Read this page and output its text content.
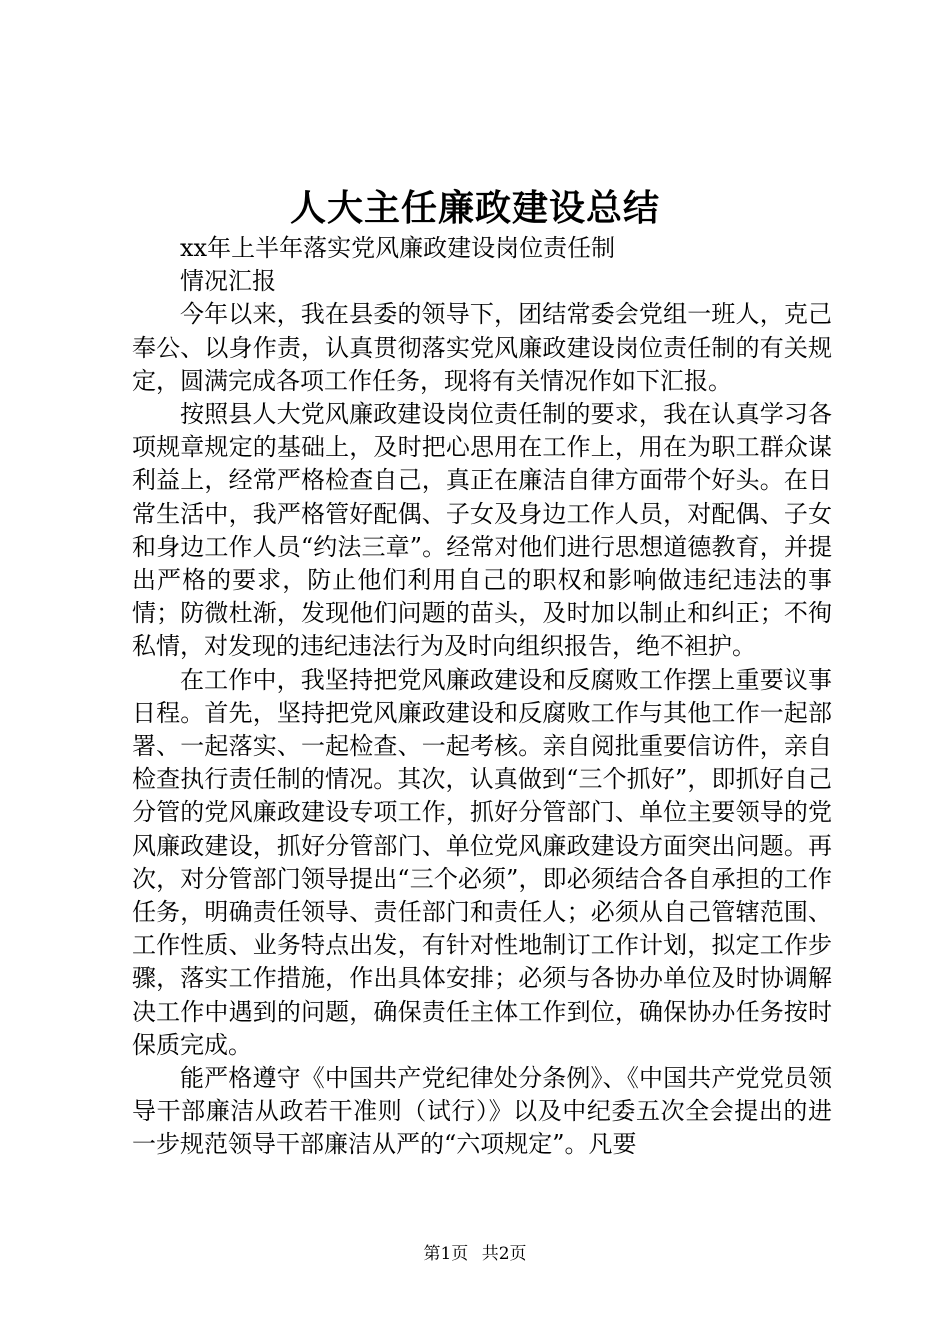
人大主任廉政建设总结

xx年上半年落实党风廉政建设岗位责任制

情况汇报

今年以来，我在县委的领导下，团结常委会党组一班人，克己奉公、以身作责，认真贯彻落实党风廉政建设岗位责任制的有关规定，圆满完成各项工作任务，现将有关情况作如下汇报。

按照县人大党风廉政建设岗位责任制的要求，我在认真学习各项规章规定的基础上，及时把心思用在工作上，用在为职工群众谋利益上，经常严格检查自己，真正在廉洁自律方面带个好头。在日常生活中，我严格管好配偶、子女及身边工作人员，对配偶、子女和身边工作人员“约法三章”。经常对他们进行思想道德教育，并提出严格的要求，防止他们利用自己的职权和影响做违纪违法的事情；防微杜渐，发现他们问题的苗头，及时加以制止和纠正；不徇私情，对发现的违纪违法行为及时向组织报告，绝不袒护。

在工作中，我坚持把党风廉政建设和反腐败工作摆上重要议事日程。首先，坚持把党风廉政建设和反腐败工作与其他工作一起部署、一起落实、一起检查、一起考核。亲自阅批重要信访件，亲自检查执行责任制的情况。其次，认真做到“三个抓好”，即抓好自己分管的党风廉政建设专项工作，抓好分管部门、单位主要领导的党风廉政建设，抓好分管部门、单位党风廉政建设方面突出问题。再次，对分管部门领导提出“三个必须”，即必须结合各自承担的工作任务，明确责任领导、责任部门和责任人；必须从自己管辖范围、工作性质、业务特点出发，有针对性地制订工作计划，拟定工作步骤，落实工作措施，作出具体安排；必须与各协办单位及时协调解决工作中遇到的问题，确保责任主体工作到位，确保协办任务按时保质完成。

能严格遵守《中国共产党纪律处分条例》、《中国共产党党员领导干部廉洁从政若干准则（试行）》以及中纪委五次全会提出的进一步规范领导干部廉洁从严的“六项规定”。凡要

第1页 共2页
